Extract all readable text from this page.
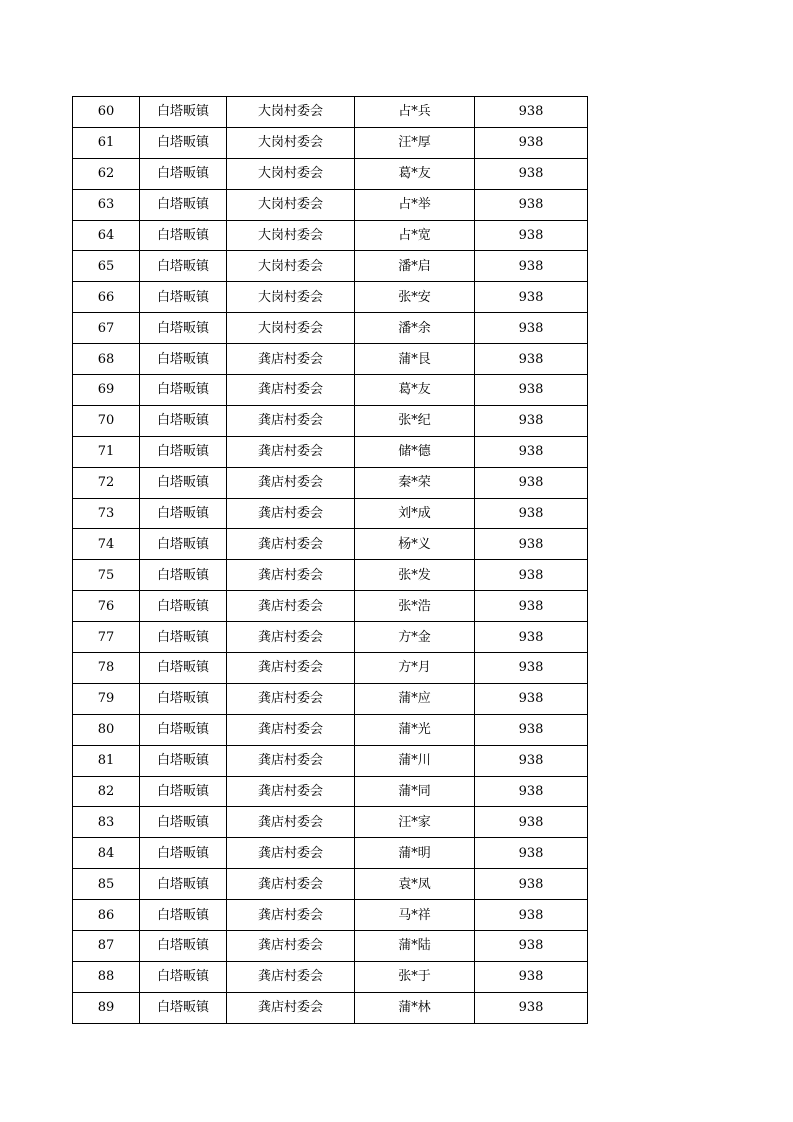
60	白塔畈镇	大岗村委会	占*兵	938
61	白塔畈镇	大岗村委会	汪*厚	938
62	白塔畈镇	大岗村委会	葛*友	938
63	白塔畈镇	大岗村委会	占*举	938
64	白塔畈镇	大岗村委会	占*宽	938
65	白塔畈镇	大岗村委会	潘*启	938
66	白塔畈镇	大岗村委会	张*安	938
67	白塔畈镇	大岗村委会	潘*余	938
68	白塔畈镇	龚店村委会	蒲*艮	938
69	白塔畈镇	龚店村委会	葛*友	938
70	白塔畈镇	龚店村委会	张*纪	938
71	白塔畈镇	龚店村委会	储*德	938
72	白塔畈镇	龚店村委会	秦*荣	938
73	白塔畈镇	龚店村委会	刘*成	938
74	白塔畈镇	龚店村委会	杨*义	938
75	白塔畈镇	龚店村委会	张*发	938
76	白塔畈镇	龚店村委会	张*浩	938
77	白塔畈镇	龚店村委会	方*金	938
78	白塔畈镇	龚店村委会	方*月	938
79	白塔畈镇	龚店村委会	蒲*应	938
80	白塔畈镇	龚店村委会	蒲*光	938
81	白塔畈镇	龚店村委会	蒲*川	938
82	白塔畈镇	龚店村委会	蒲*同	938
83	白塔畈镇	龚店村委会	汪*家	938
84	白塔畈镇	龚店村委会	蒲*明	938
85	白塔畈镇	龚店村委会	袁*凤	938
86	白塔畈镇	龚店村委会	马*祥	938
87	白塔畈镇	龚店村委会	蒲*陆	938
88	白塔畈镇	龚店村委会	张*于	938
89	白塔畈镇	龚店村委会	蒲*林	938
